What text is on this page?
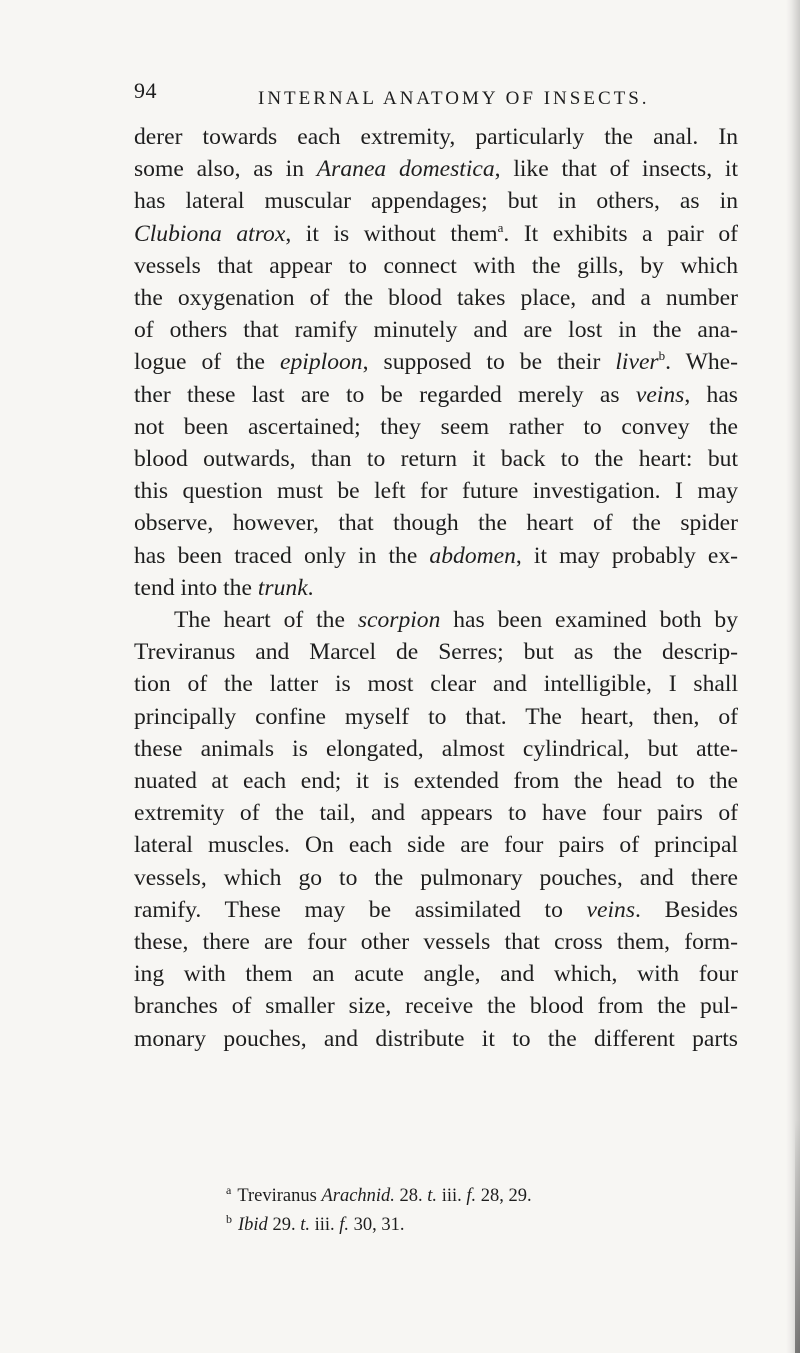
94	INTERNAL ANATOMY OF INSECTS.
derer towards each extremity, particularly the anal. In
some also, as in Aranea domestica, like that of insects, it
has lateral muscular appendages; but in others, as in
Clubiona atrox, it is without them$^a$. It exhibits a pair of
vessels that appear to connect with the gills, by which
the oxygenation of the blood takes place, and a number
of others that ramify minutely and are lost in the ana-
logue of the epiploon, supposed to be their liver$^b$. Whe-
ther these last are to be regarded merely as veins, has
not been ascertained; they seem rather to convey the
blood outwards, than to return it back to the heart: but
this question must be left for future investigation. I may
observe, however, that though the heart of the spider
has been traced only in the abdomen, it may probably ex-
tend into the trunk.
The heart of the scorpion has been examined both by
Treviranus and Marcel de Serres; but as the descrip-
tion of the latter is most clear and intelligible, I shall
principally confine myself to that. The heart, then, of
these animals is elongated, almost cylindrical, but atte-
nuated at each end; it is extended from the head to the
extremity of the tail, and appears to have four pairs of
lateral muscles. On each side are four pairs of principal
vessels, which go to the pulmonary pouches, and there
ramify. These may be assimilated to veins. Besides
these, there are four other vessels that cross them, form-
ing with them an acute angle, and which, with four
branches of smaller size, receive the blood from the pul-
monary pouches, and distribute it to the different parts
$^a$ Treviranus Arachnid. 28. t. iii. f. 28, 29.
$^b$ Ibid 29. t. iii. f. 30, 31.
